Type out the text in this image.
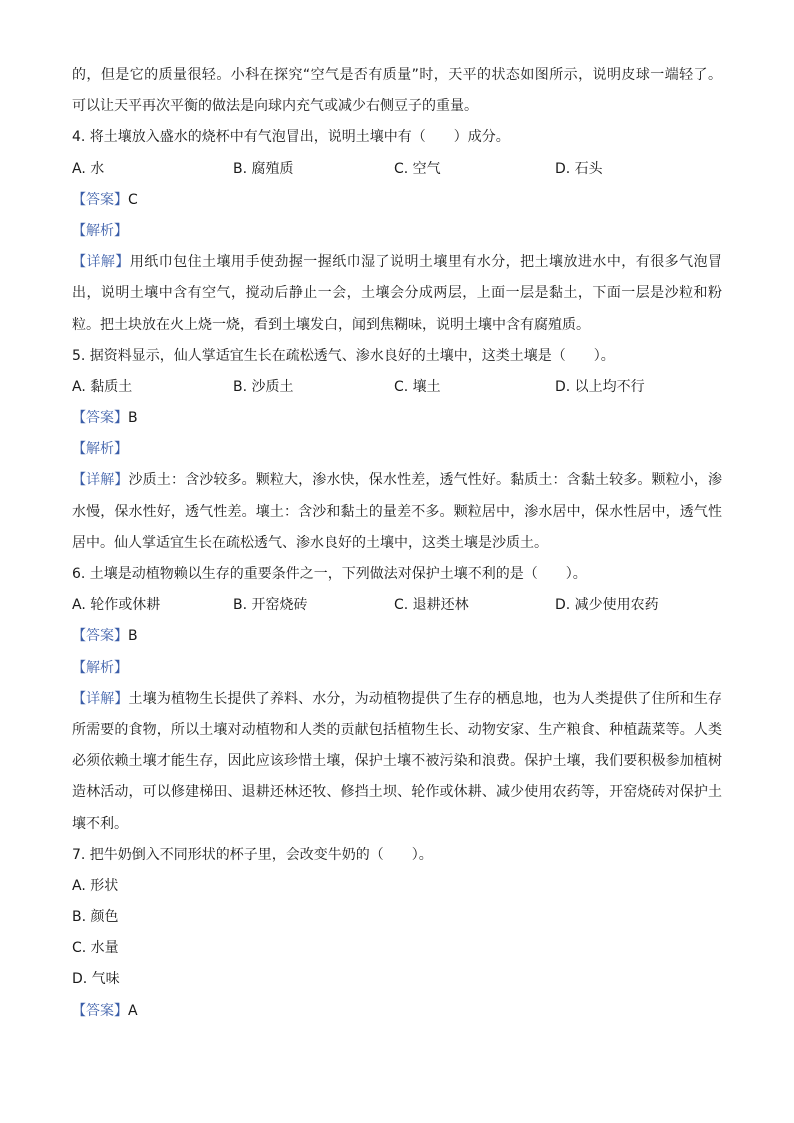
的，但是它的质量很轻。小科在探究“空气是否有质量”时，天平的状态如图所示，说明皮球一端轻了。
可以让天平再次平衡的做法是向球内充气或减少右侧豆子的重量。
4. 将土壤放入盛水的烧杯中有气泡冒出，说明土壤中有（　　）成分。
A. 水	B. 腐殖质	C. 空气	D. 石头
【答案】C
【解析】
【详解】用纸巾包住土壤用手使劲握一握纸巾湿了说明土壤里有水分，把土壤放进水中，有很多气泡冒
出，说明土壤中含有空气，搅动后静止一会，土壤会分成两层，上面一层是黏土，下面一层是沙粒和粉
粒。把土块放在火上烧一烧，看到土壤发白，闻到焦糊味，说明土壤中含有腐殖质。
5. 据资料显示，仙人掌适宜生长在疏松透气、渗水良好的土壤中，这类土壤是（　　）。
A. 黏质土	B. 沙质土	C. 壤土	D. 以上均不行
【答案】B
【解析】
【详解】沙质土：含沙较多。颗粒大，渗水快，保水性差，透气性好。黏质土：含黏土较多。颗粒小，渗
水慢，保水性好，透气性差。壤土：含沙和黏土的量差不多。颗粒居中，渗水居中，保水性居中，透气性
居中。仙人掌适宜生长在疏松透气、渗水良好的土壤中，这类土壤是沙质土。
6. 土壤是动植物赖以生存的重要条件之一，下列做法对保护土壤不利的是（　　）。
A. 轮作或休耕	B. 开窑烧砖	C. 退耕还林	D. 减少使用农药
【答案】B
【解析】
【详解】土壤为植物生长提供了养料、水分，为动植物提供了生存的栖息地，也为人类提供了住所和生存
所需要的食物，所以土壤对动植物和人类的贡献包括植物生长、动物安家、生产粮食、种植蔬菜等。人类
必须依赖土壤才能生存，因此应该珍惜土壤，保护土壤不被污染和浪费。保护土壤，我们要积极参加植树
造林活动，可以修建梯田、退耕还林还牧、修挡土坝、轮作或休耕、减少使用农药等，开窑烧砖对保护土
壤不利。
7. 把牛奶倒入不同形状的杯子里，会改变牛奶的（　　）。
A. 形状
B. 颜色
C. 水量
D. 气味
【答案】A
